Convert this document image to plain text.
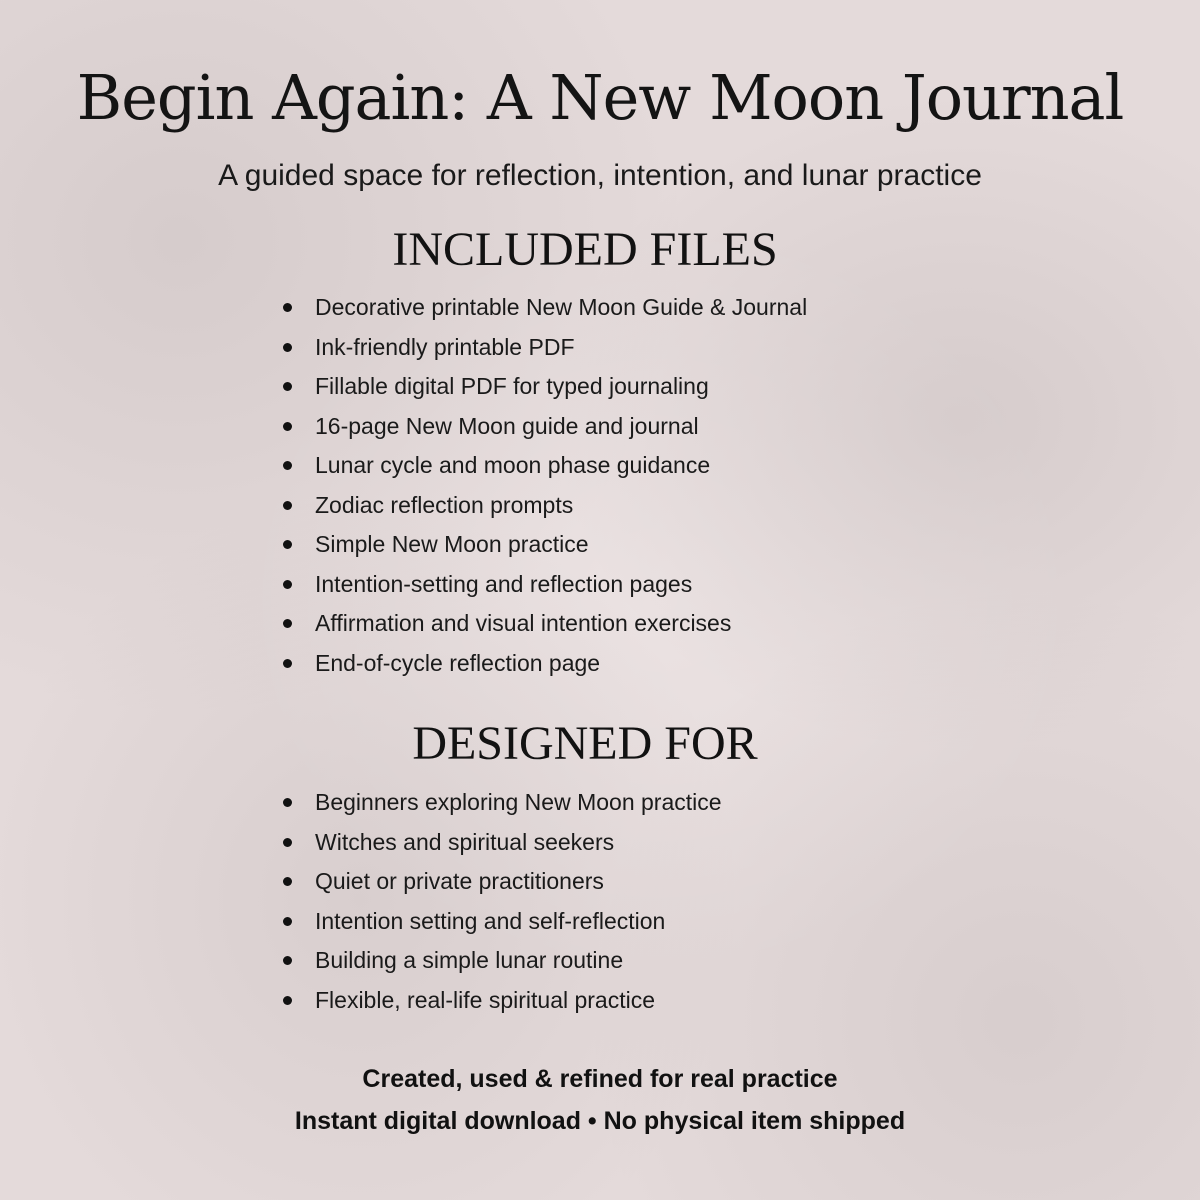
Begin Again: A New Moon Journal

A guided space for reflection, intention, and lunar practice

INCLUDED FILES
Decorative printable New Moon Guide & Journal
Ink-friendly printable PDF
Fillable digital PDF for typed journaling
16-page New Moon guide and journal
Lunar cycle and moon phase guidance
Zodiac reflection prompts
Simple New Moon practice
Intention-setting and reflection pages
Affirmation and visual intention exercises
End-of-cycle reflection page
DESIGNED FOR
Beginners exploring New Moon practice
Witches and spiritual seekers
Quiet or private practitioners
Intention setting and self-reflection
Building a simple lunar routine
Flexible, real-life spiritual practice

Created, used & refined for real practice

Instant digital download • No physical item shipped
